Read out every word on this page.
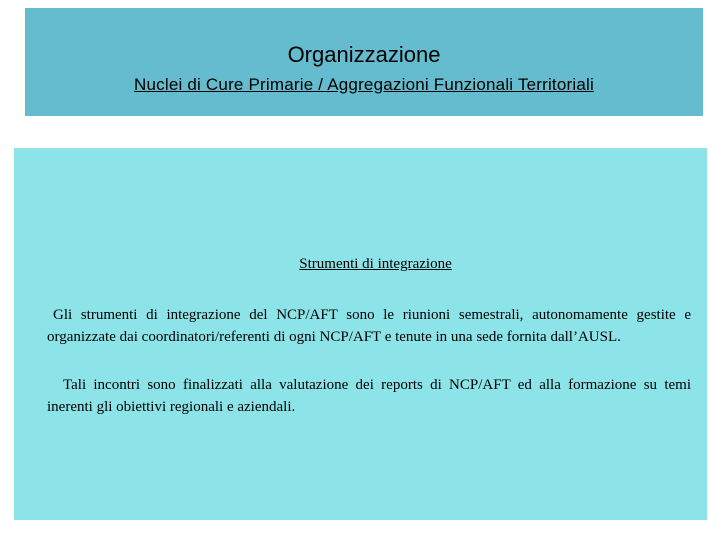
Organizzazione
Nuclei di Cure Primarie / Aggregazioni Funzionali Territoriali
Strumenti di integrazione

Gli strumenti di integrazione del NCP/AFT sono le riunioni semestrali, autonomamente gestite e organizzate dai coordinatori/referenti di ogni NCP/AFT e tenute in una sede fornita dall’AUSL.

Tali incontri sono finalizzati alla valutazione dei reports di NCP/AFT ed alla formazione su temi inerenti gli obiettivi regionali e aziendali.
